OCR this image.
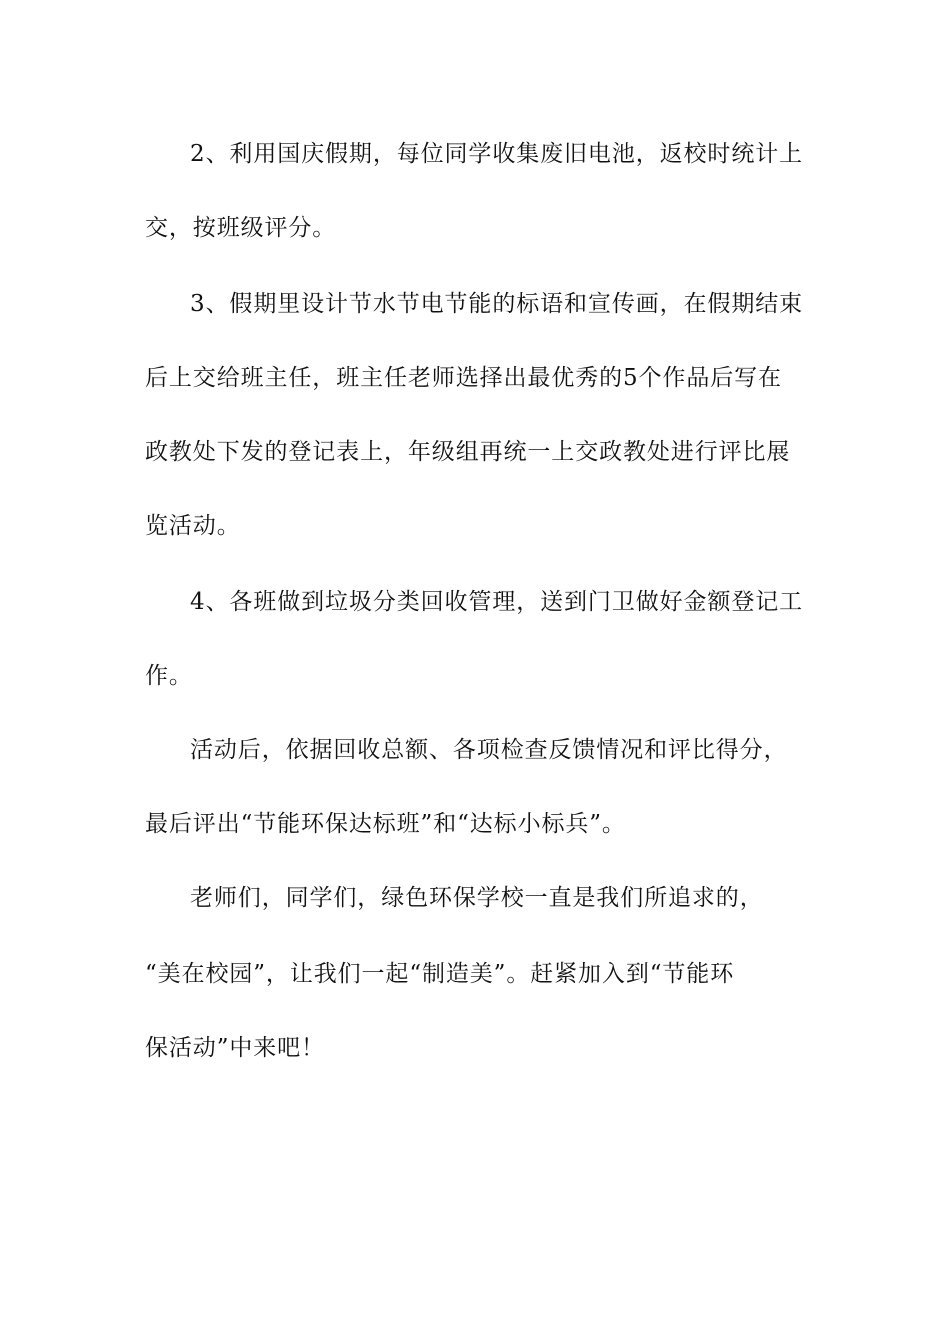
2、利用国庆假期，每位同学收集废旧电池，返校时统计上
交，按班级评分。
3、假期里设计节水节电节能的标语和宣传画，在假期结束
后上交给班主任，班主任老师选择出最优秀的5个作品后写在
政教处下发的登记表上，年级组再统一上交政教处进行评比展
览活动。
4、各班做到垃圾分类回收管理，送到门卫做好金额登记工
作。
活动后，依据回收总额、各项检查反馈情况和评比得分，
最后评出“节能环保达标班”和“达标小标兵”。
老师们，同学们，绿色环保学校一直是我们所追求的，
“美在校园”，让我们一起“制造美”。赶紧加入到“节能环
保活动”中来吧！
